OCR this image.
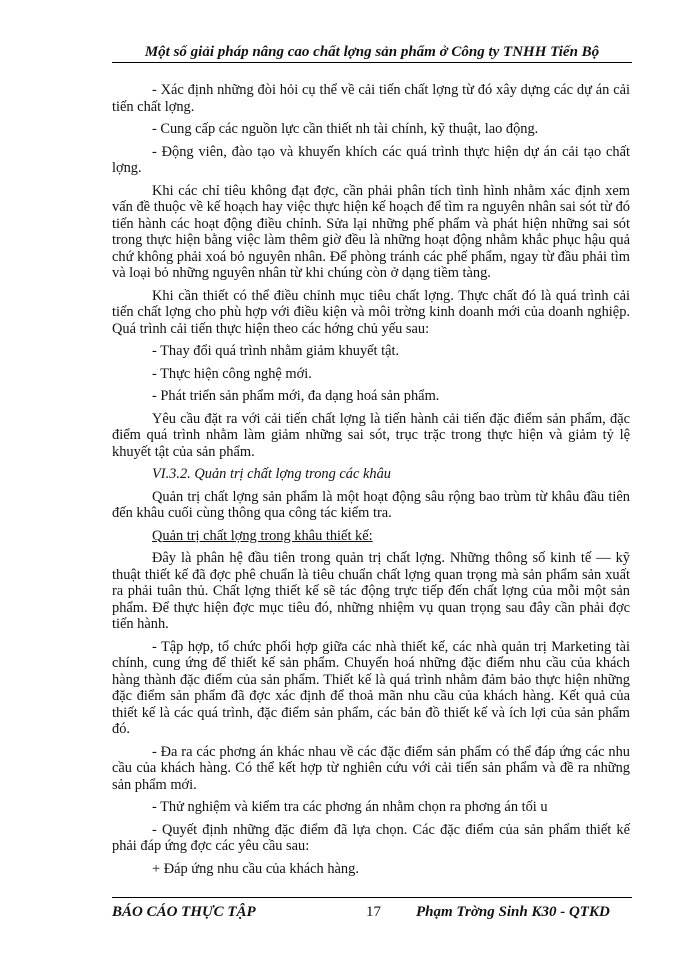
Một số giải pháp nâng cao chất lợng sản phẩm ở Công ty TNHH Tiến Bộ

- Xác định những đòi hỏi cụ thể về cải tiến chất lợng từ đó xây dựng các dự án cải tiến chất lợng.

- Cung cấp các nguồn lực cần thiết nh tài chính, kỹ thuật, lao động.

- Động viên, đào tạo và khuyến khích các quá trình thực hiện dự án cải tạo chất lợng.

Khi các chỉ tiêu không đạt đợc, cần phải phân tích tình hình nhằm xác định xem vấn đề thuộc về kế hoạch hay việc thực hiện kế hoạch để tìm ra nguyên nhân sai sót từ đó tiến hành các hoạt động điều chỉnh. Sửa lại những phế phẩm và phát hiện những sai sót trong thực hiện bằng việc làm thêm giờ đều là những hoạt động nhằm khắc phục hậu quả chứ không phải xoá bỏ nguyên nhân. Để phòng tránh các phế phẩm, ngay từ đầu phải tìm và loại bỏ những nguyên nhân từ khi chúng còn ở dạng tiềm tàng.

Khi cần thiết có thể điều chỉnh mục tiêu chất lợng. Thực chất đó là quá trình cải tiến chất lợng cho phù hợp với điều kiện và môi trờng kinh doanh mới của doanh nghiệp. Quá trình cải tiến thực hiện theo các hớng chủ yếu sau:

- Thay đổi quá trình nhằm giảm khuyết tật.

- Thực hiện công nghệ mới.

- Phát triển sản phẩm mới, đa dạng hoá sản phẩm.

Yêu cầu đặt ra với cải tiến chất lợng là tiến hành cải tiến đặc điểm sản phẩm, đặc điểm quá trình nhằm làm giảm những sai sót, trục trặc trong thực hiện và giảm tỷ lệ khuyết tật của sản phẩm.

VI.3.2. Quản trị chất lợng trong các khâu

Quản trị chất lợng sản phẩm là một hoạt động sâu rộng bao trùm từ khâu đầu tiên đến khâu cuối cùng thông qua công tác kiểm tra.

Quản trị chất lợng trong khâu thiết kế:

Đây là phân hệ đầu tiên trong quản trị chất lợng. Những thông số kinh tế — kỹ thuật thiết kế đã đợc phê chuẩn là tiêu chuẩn chất lợng quan trọng mà sản phẩm sản xuất ra phải tuân thủ. Chất lợng thiết kế sẽ tác động trực tiếp đến chất lợng của mỗi một sản phẩm. Để thực hiện đợc mục tiêu đó, những nhiệm vụ quan trọng sau đây cần phải đợc tiến hành.

- Tập hợp, tổ chức phối hợp giữa các nhà thiết kế, các nhà quản trị Marketing tài chính, cung ứng để thiết kế sản phẩm. Chuyển hoá những đặc điểm nhu cầu của khách hàng thành đặc điểm của sản phẩm. Thiết kế là quá trình nhằm đảm bảo thực hiện những đặc điểm sản phẩm đã đợc xác định để thoả mãn nhu cầu của khách hàng. Kết quả của thiết kế là các quá trình, đặc điểm sản phẩm, các bản đồ thiết kế và ích lợi của sản phẩm đó.

- Đa ra các phơng án khác nhau về các đặc điểm sản phẩm có thể đáp ứng các nhu cầu của khách hàng. Có thể kết hợp từ nghiên cứu với cải tiến sản phẩm và đề ra những sản phẩm mới.

- Thử nghiệm và kiểm tra các phơng án nhằm chọn ra phơng án tối u

- Quyết định những đặc điểm đã lựa chọn. Các đặc điểm của sản phẩm thiết kế phải đáp ứng đợc các yêu cầu sau:

+ Đáp ứng nhu cầu của khách hàng.

BÁO CÁO THỰC TẬP	17 Phạm Trờng Sinh K30 - QTKD
